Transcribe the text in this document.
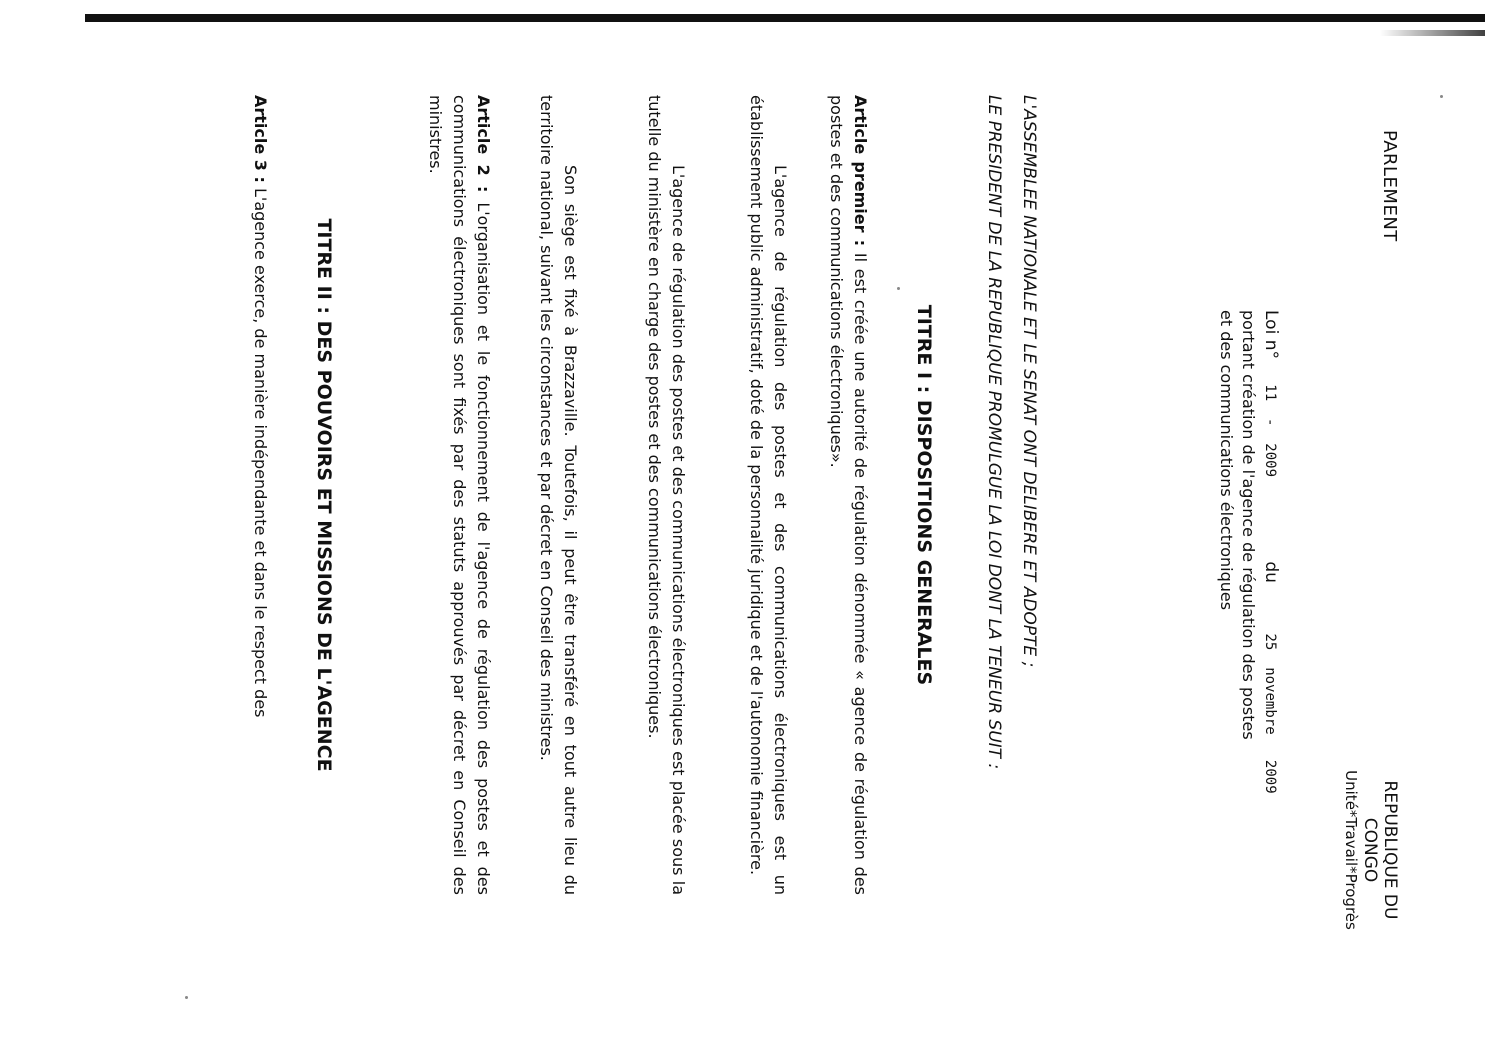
PARLEMENT
REPUBLIQUE DU CONGO
Unité*Travail*Progrès
Loi n°   11  -  2009          du      25  novembre   2009
portant création de l'agence de régulation des postes
et des communications électroniques

L'ASSEMBLEE NATIONALE ET LE SENAT ONT DELIBERE ET ADOPTE ;

LE PRESIDENT DE LA REPUBLIQUE PROMULGUE LA LOI DONT LA TENEUR SUIT :

TITRE I : DISPOSITIONS GENERALES

Article premier : Il est créée une autorité de régulation dénommée « agence de régulation des postes et des communications électroniques».

L'agence de régulation des postes et des communications électroniques est un établissement public administratif, doté de la personnalité juridique et de l'autonomie financière.
L'agence de régulation des postes et des communications électroniques est placée sous la tutelle du ministère en charge des postes et des communications électroniques.
Son siège est fixé à Brazzaville. Toutefois, il peut être transféré en tout autre lieu du territoire national, suivant les circonstances et par décret en Conseil des ministres.

Article 2 : L'organisation et le fonctionnement de l'agence de régulation des postes et des communications électroniques sont fixés par des statuts approuvés par décret en Conseil des ministres.

TITRE II : DES POUVOIRS ET MISSIONS DE L'AGENCE

Article 3 : L'agence exerce, de manière indépendante et dans le respect des
